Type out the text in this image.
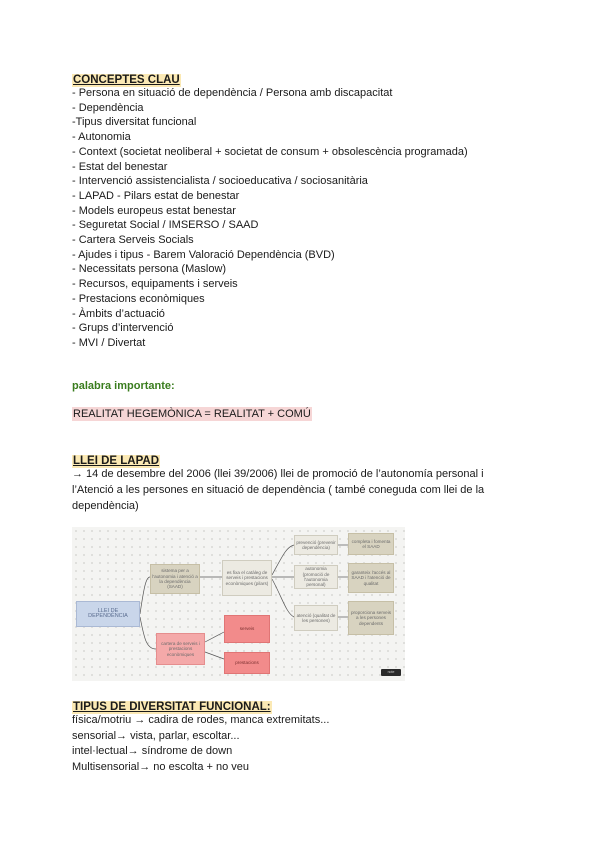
CONCEPTES CLAU
- Persona en situació de dependència / Persona amb discapacitat
- Dependència
-Tipus diversitat funcional
- Autonomia
- Context (societat neoliberal + societat de consum + obsolescència programada)
- Estat del benestar
- Intervenció assistencialista / socioeducativa / sociosanitària
- LAPAD - Pilars estat de benestar
- Models europeus estat benestar
- Seguretat Social / IMSERSO / SAAD
- Cartera Serveis Socials
- Ajudes i tipus - Barem Valoració Dependència (BVD)
- Necessitats persona (Maslow)
- Recursos, equipaments i serveis
- Prestacions econòmiques
- Àmbits d’actuació
- Grups d’intervenció
- MVI / Divertat
palabra importante:
REALITAT HEGEMÒNICA = REALITAT + COMÚ
LLEI DE LAPAD
→ 14 de desembre del 2006 (llei 39/2006) llei de promoció de l’autonomía personal i l’Atenció a les persones en situació de dependència ( també coneguda com llei de la dependència)
LLEI DE DEPENDÈNCIA
sistema per a l'autonomia i atenció a la dependència (SAAD)
es fixa el catàleg de serveis i prestacions econòmiques (pilars)
prevenció (prevenir dependència)
autonomia (promoció de l'autonomia personal)
atenció (qualitat de les persones)
completa i fomenta el SAAD
garanteix l'accés al SAAD i l'atenció de qualitat
proporciona serveis a les persones dependents
cartera de serveis i prestacions econòmiques
serveis
prestacions
note
TIPUS DE DIVERSITAT FUNCIONAL:
física/motriu → cadira de rodes, manca extremitats...
sensorial→ vista, parlar, escoltar...
intel·lectual→ síndrome de down
Multisensorial→ no escolta + no veu
